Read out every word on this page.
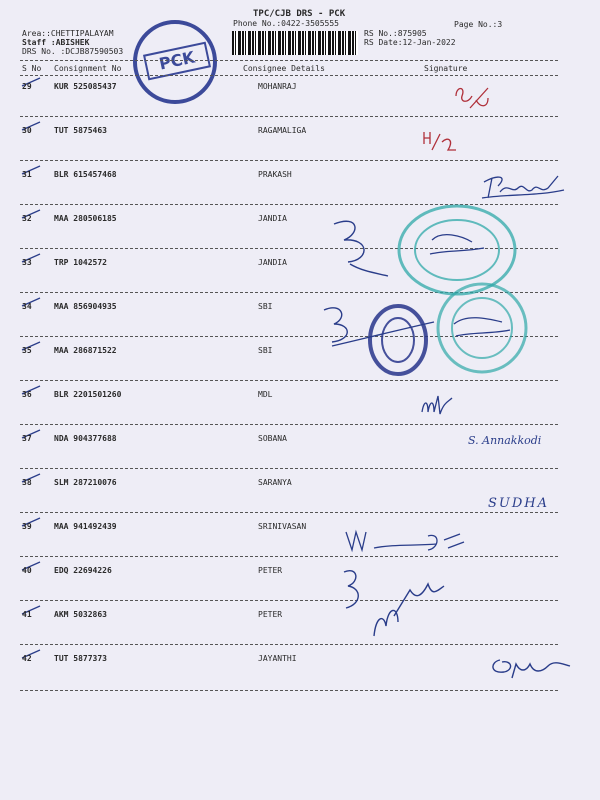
TPC/CJB DRS - PCK
Phone No.:0422-3505555
Area::CHETTIPALAYAM
Staff :ABISHEK
DRS No. :DCJB87590503
RS No.:875905
RS Date:12-Jan-2022
Page No.:3
PCK
S No Consignment No	Consignee Details	Signature
29	KUR 525085437	MOHANRAJ
30	TUT 5875463	RAGAMALIGA
31	BLR 615457468	PRAKASH
32	MAA 280506185	JANDIA
33	TRP 1042572	JANDIA
34	MAA 856904935	SBI
35	MAA 286871522	SBI
36	BLR 2201501260	MDL
37	NDA 904377688	SOBANA
38	SLM 287210076	SARANYA
39	MAA 941492439	SRINIVASAN
40	EDQ 22694226	PETER
41	AKM 5032863	PETER
42	TUT 5877373	JAYANTHI
S. Annakkodi
SUDHA
